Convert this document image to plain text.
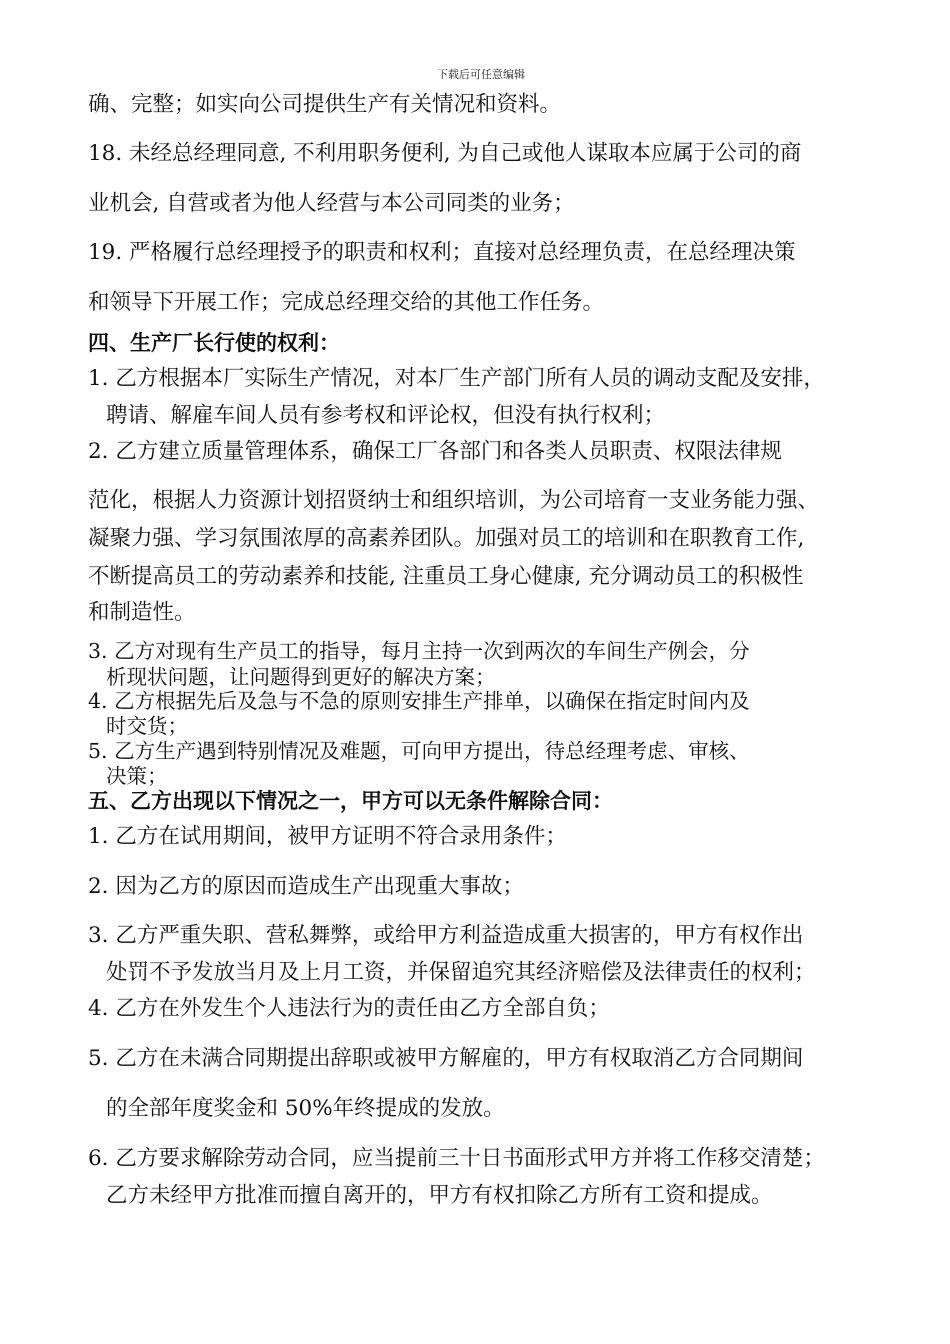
下载后可任意编辑
确、完整；如实向公司提供生产有关情况和资料。
18. 未经总经理同意, 不利用职务便利, 为自己或他人谋取本应属于公司的商
业机会, 自营或者为他人经营与本公司同类的业务；
19. 严格履行总经理授予的职责和权利；直接对总经理负责，在总经理决策
和领导下开展工作；完成总经理交给的其他工作任务。
四、生产厂长行使的权利：
1. 乙方根据本厂实际生产情况，对本厂生产部门所有人员的调动支配及安排，
聘请、解雇车间人员有参考权和评论权，但没有执行权利；
2. 乙方建立质量管理体系，确保工厂各部门和各类人员职责、权限法律规
范化，根据人力资源计划招贤纳士和组织培训，为公司培育一支业务能力强、
凝聚力强、学习氛围浓厚的高素养团队。加强对员工的培训和在职教育工作,
不断提高员工的劳动素养和技能, 注重员工身心健康, 充分调动员工的积极性
和制造性。
3. 乙方对现有生产员工的指导，每月主持一次到两次的车间生产例会，分
析现状问题，让问题得到更好的解决方案；
4. 乙方根据先后及急与不急的原则安排生产排单，以确保在指定时间内及
时交货；
5. 乙方生产遇到特别情况及难题，可向甲方提出，待总经理考虑、审核、
决策；
五、乙方出现以下情况之一，甲方可以无条件解除合同：
1. 乙方在试用期间，被甲方证明不符合录用条件；
2. 因为乙方的原因而造成生产出现重大事故；
3. 乙方严重失职、营私舞弊，或给甲方利益造成重大损害的，甲方有权作出
处罚不予发放当月及上月工资，并保留追究其经济赔偿及法律责任的权利；
4. 乙方在外发生个人违法行为的责任由乙方全部自负；
5. 乙方在未满合同期提出辞职或被甲方解雇的，甲方有权取消乙方合同期间
的全部年度奖金和 50%年终提成的发放。
6. 乙方要求解除劳动合同，应当提前三十日书面形式甲方并将工作移交清楚；
乙方未经甲方批准而擅自离开的，甲方有权扣除乙方所有工资和提成。
